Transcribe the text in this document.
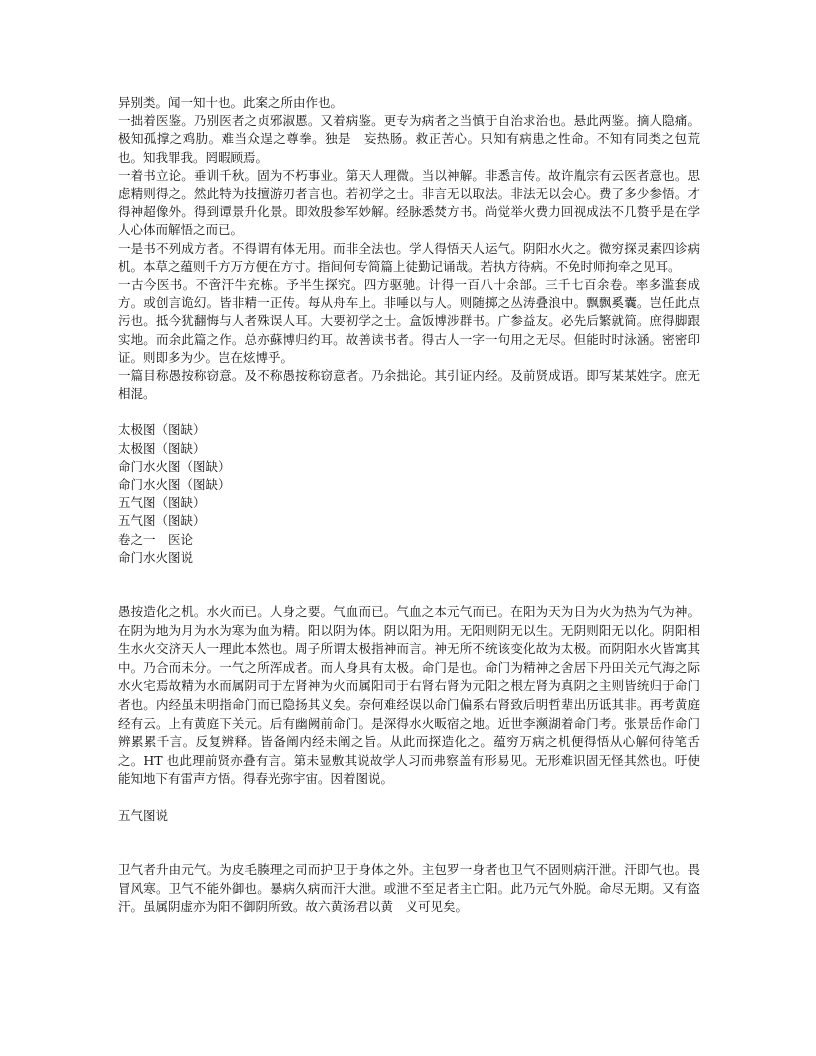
异别类。闻一知十也。此案之所由作也。

一拙着医鉴。乃别医者之贞邪淑慝。又着病鉴。更专为病者之当慎于自治求治也。悬此两鉴。摘人隐痛。极知孤撑之鸡肋。难当众逞之尊拳。独是　妄热肠。救正苦心。只知有病患之性命。不知有同类之包荒也。知我罪我。罔暇顾焉。

一着书立论。垂训千秋。固为不朽事业。第天人理微。当以神解。非悉言传。故许胤宗有云医者意也。思虑精则得之。然此特为技擅游刃者言也。若初学之士。非言无以取法。非法无以会心。费了多少参悟。才得神超像外。得到谭景升化景。即效殷参军妙解。经脉悉焚方书。尚觉举火费力回视成法不几赘乎是在学人心体而解悟之而已。

一是书不列成方者。不得谓有体无用。而非全法也。学人得悟天人运气。阴阳水火之。微穷探灵素四诊病机。本草之蕴则千方万方便在方寸。指间何专简篇上徒勤记诵哉。若执方待病。不免时师拘牵之见耳。

一古今医书。不啻汗牛充栋。予半生探究。四方驱驰。计得一百八十余部。三千七百余卷。率多滥套成方。或创言诡幻。皆非精一正传。每从舟车上。非唾以与人。则随掷之丛涛叠浪中。飘飘奚囊。岂任此点污也。抵今犹翻悔与人者殊误人耳。大要初学之士。盒饭博涉群书。广参益友。必先后繁就简。庶得脚跟实地。而余此篇之作。总亦蘇博归约耳。故善读书者。得古人一字一句用之无尽。但能时时泳涵。密密印证。则即多为少。岂在炫博乎。

一篇目称愚按称窃意。及不称愚按称窃意者。乃余拙论。其引证内经。及前贤成语。即写某某姓字。庶无相混。

太极图（图缺）
太极图（图缺）
命门水火图（图缺）
命门水火图（图缺）
五气图（图缺）
五气图（图缺）
卷之一　医论
命门水火图说

愚按造化之机。水火而已。人身之要。气血而已。气血之本元气而已。在阳为天为日为火为热为气为神。在阴为地为月为水为寒为血为精。阳以阴为体。阴以阳为用。无阳则阴无以生。无阴则阳无以化。阴阳相生水火交济天人一理此本然也。周子所谓太极指神而言。神无所不统该变化故为太极。而阴阳水火皆寓其中。乃合而未分。一气之所浑成者。而人身具有太极。命门是也。命门为精神之舍居下丹田关元气海之际水火宅焉故精为水而属阴司于左肾神为火而属阳司于右肾右肾为元阳之根左肾为真阴之主则皆统归于命门者也。内经虽未明指命门而已隐扬其义矣。奈何难经误以命门偏系右肾致后明哲辈出历诋其非。再考黄庭经有云。上有黄庭下关元。后有幽阙前命门。是深得水火畈宿之地。近世李濒湖着命门考。张景岳作命门辨累累千言。反复辨释。皆备阐内经未阐之旨。从此而探造化之。蕴穷万病之机便得悟从心解何待笔舌之。HT 也此理前贤亦叠有言。第未显敷其说故学人习而弗察盖有形易见。无形难识固无怪其然也。吁使能知地下有雷声方悟。得春光弥宇宙。因着图说。

五气图说

卫气者升由元气。为皮毛腠理之司而护卫于身体之外。主包罗一身者也卫气不固则病汗泄。汗即气也。畏冒风寒。卫气不能外御也。暴病久病而汗大泄。或泄不至足者主亡阳。此乃元气外脱。命尽无期。又有盗汗。虽属阴虚亦为阳不御阴所致。故六黄汤君以黄　义可见矣。
